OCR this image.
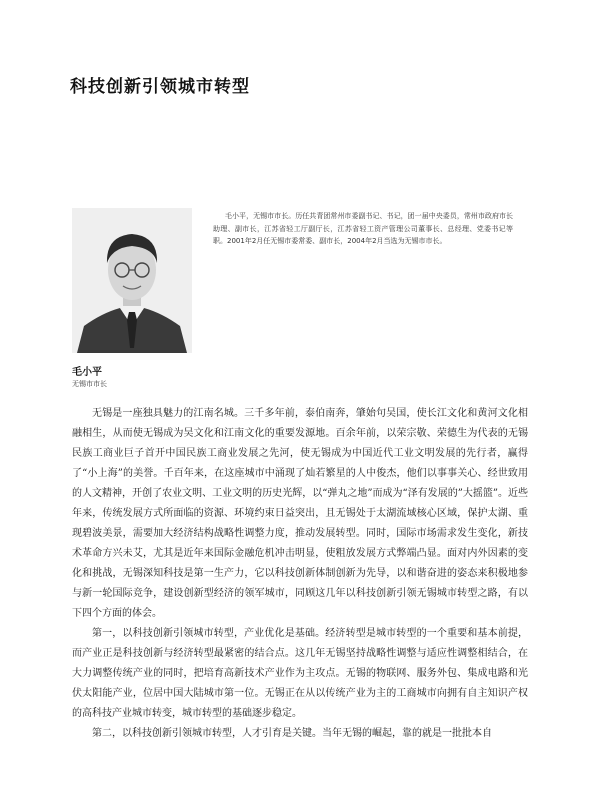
科技创新引领城市转型
毛小平，无锡市市长。历任共青团常州市委副书记、书记，团一届中央委员，常州市政府市长助理、副市长，江苏省轻工厅副厅长，江苏省轻工资产管理公司董事长、总经理、党委书记等职。2001年2月任无锡市委常委、副市长，2004年2月当选为无锡市市长。
毛小平
无锡市市长

无锡是一座独具魅力的江南名城。三千多年前，泰伯南奔，肇始句吴国，使长江文化和黄河文化相融相生，从而使无锡成为吴文化和江南文化的重要发源地。百余年前，以荣宗敬、荣德生为代表的无锡民族工商业巨子首开中国民族工商业发展之先河，使无锡成为中国近代工业文明发展的先行者，赢得了“小上海”的美誉。千百年来，在这座城市中涌现了灿若繁星的人中俊杰，他们以事事关心、经世致用的人文精神，开创了农业文明、工业文明的历史光辉，以“弹丸之地”而成为“泽有发展的”大摇篮”。近些年来，传统发展方式所面临的资源、环境约束日益突出，且无锡处于太湖流域核心区域，保护太湖、重现碧波美景，需要加大经济结构战略性调整力度，推动发展转型。同时，国际市场需求发生变化，新技术革命方兴未艾，尤其是近年来国际金融危机冲击明显，使粗放发展方式弊端凸显。面对内外因素的变化和挑战，无锡深知科技是第一生产力，它以科技创新体制创新为先导，以和谐奋进的姿态来积极地参与新一轮国际竞争，建设创新型经济的领军城市，同顾这几年以科技创新引领无锡城市转型之路，有以下四个方面的体会。

第一，以科技创新引领城市转型，产业优化是基础。经济转型是城市转型的一个重要和基本前提，而产业正是科技创新与经济转型最紧密的结合点。这几年无锡坚持战略性调整与适应性调整相结合，在大力调整传统产业的同时，把培育高新技术产业作为主攻点。无锡的物联网、服务外包、集成电路和光伏太阳能产业，位居中国大陆城市第一位。无锡正在从以传统产业为主的工商城市向拥有自主知识产权的高科技产业城市转变，城市转型的基础逐步稳定。

第二，以科技创新引领城市转型，人才引育是关键。当年无锡的崛起，靠的就是一批批本自
